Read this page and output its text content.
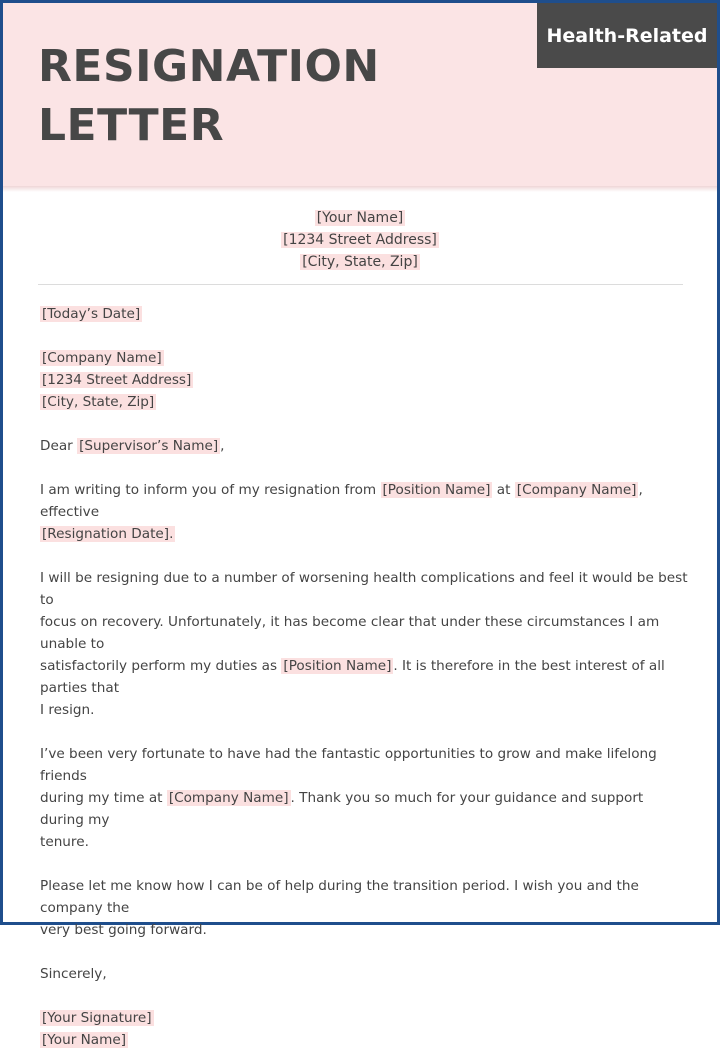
RESIGNATION
LETTER
Health-Related
[Your Name]
[1234 Street Address]
[City, State, Zip]
[Today’s Date]
[Company Name]
[1234 Street Address]
[City, State, Zip]
Dear [Supervisor’s Name] ,
I am writing to inform you of my resignation from [Position Name] at [Company Name] , effective
[Resignation Date].
I will be resigning due to a number of worsening health complications and feel it would be best to
focus on recovery. Unfortunately, it has become clear that under these circumstances I am unable to
satisfactorily perform my duties as [Position Name] . It is therefore in the best interest of all parties that
I resign.
I’ve been very fortunate to have had the fantastic opportunities to grow and make lifelong friends
during my time at [Company Name] . Thank you so much for your guidance and support during my
tenure.
Please let me know how I can be of help during the transition period. I wish you and the company the
very best going forward.
Sincerely,
[Your Signature]
[Your Name]
